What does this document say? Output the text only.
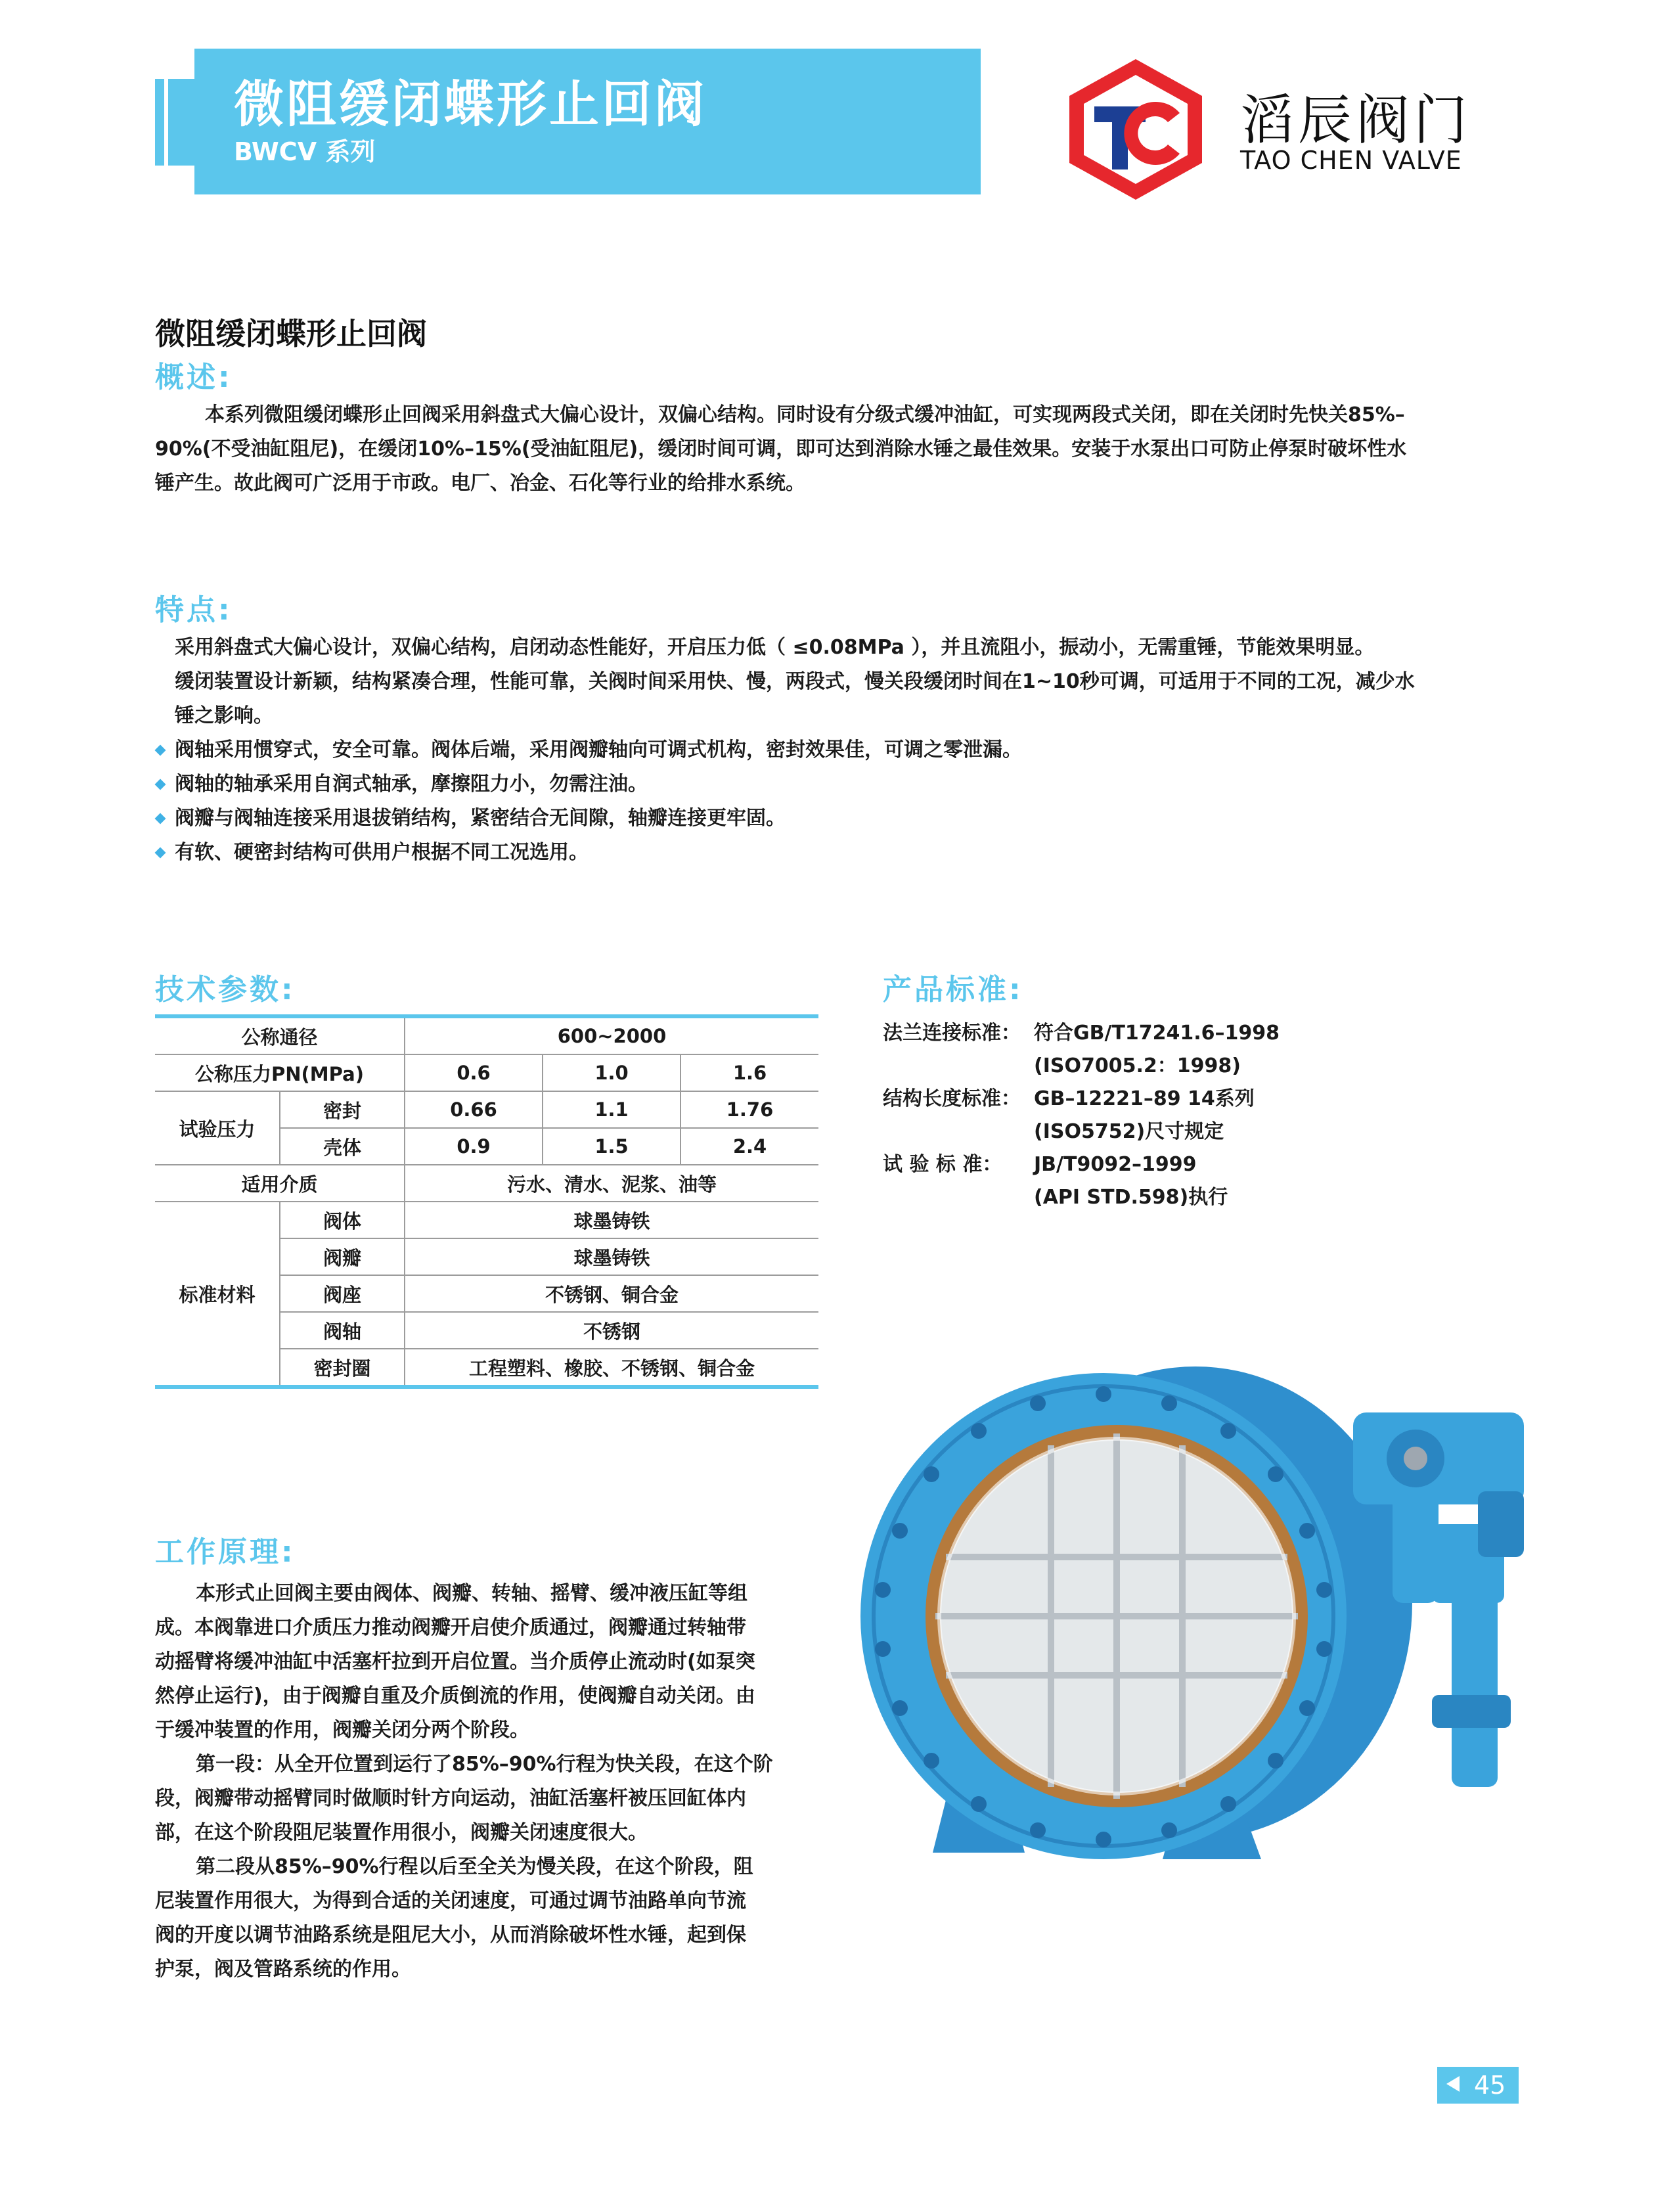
微阻缓闭蝶形止回阀
BWCV 系列
TC
滔辰阀门
TAO CHEN VALVE
微阻缓闭蝶形止回阀
概述:
本系列微阻缓闭蝶形止回阀采用斜盘式大偏心设计，双偏心结构。同时设有分级式缓冲油缸，可实现两段式关闭，即在关闭时先快关85%–
90%(不受油缸阻尼)，在缓闭10%–15%(受油缸阻尼)，缓闭时间可调，即可达到消除水锤之最佳效果。安装于水泵出口可防止停泵时破坏性水
锤产生。故此阀可广泛用于市政。电厂、冶金、石化等行业的给排水系统。
特点:
采用斜盘式大偏心设计，双偏心结构，启闭动态性能好，开启压力低（ ≤0.08MPa ），并且流阻小，振动小，无需重锤，节能效果明显。
缓闭装置设计新颖，结构紧凑合理，性能可靠，关阀时间采用快、慢，两段式，慢关段缓闭时间在1~10秒可调，可适用于不同的工况，减少水
锤之影响。
阀轴采用惯穿式，安全可靠。阀体后端，采用阀瓣轴向可调式机构，密封效果佳，可调之零泄漏。
阀轴的轴承采用自润式轴承，摩擦阻力小，勿需注油。
阀瓣与阀轴连接采用退拔销结构，紧密结合无间隙，轴瓣连接更牢固。
有软、硬密封结构可供用户根据不同工况选用。
技术参数:
公称通径		600~2000		
公称压力PN(MPa)		0.6	1.0	1.6
试验压力	密封	0.66	1.1	1.76
	壳体	0.9	1.5	2.4
适用介质		污水、清水、泥浆、油等		
标准材料	阀体	球墨铸铁		
	阀瓣	球墨铸铁		
	阀座	不锈钢、铜合金		
	阀轴	不锈钢		
	密封圈	工程塑料、橡胶、不锈钢、铜合金		
产品标准:
法兰连接标准： 符合GB/T17241.6–1998
(ISO7005.2：1998)
结构长度标准： GB–12221–89 14系列
(ISO5752)尺寸规定
试 验 标 准： JB/T9092–1999
(API STD.598)执行
工作原理:
本形式止回阀主要由阀体、阀瓣、转轴、摇臂、缓冲液压缸等组
成。本阀靠进口介质压力推动阀瓣开启使介质通过，阀瓣通过转轴带
动摇臂将缓冲油缸中活塞杆拉到开启位置。当介质停止流动时(如泵突
然停止运行)，由于阀瓣自重及介质倒流的作用，使阀瓣自动关闭。由
于缓冲装置的作用，阀瓣关闭分两个阶段。
第一段：从全开位置到运行了85%–90%行程为快关段，在这个阶
段，阀瓣带动摇臂同时做顺时针方向运动，油缸活塞杆被压回缸体内
部，在这个阶段阻尼装置作用很小，阀瓣关闭速度很大。
第二段从85%–90%行程以后至全关为慢关段，在这个阶段，阻
尼装置作用很大，为得到合适的关闭速度，可通过调节油路单向节流
阀的开度以调节油路系统是阻尼大小，从而消除破坏性水锤，起到保
护泵，阀及管路系统的作用。
45
